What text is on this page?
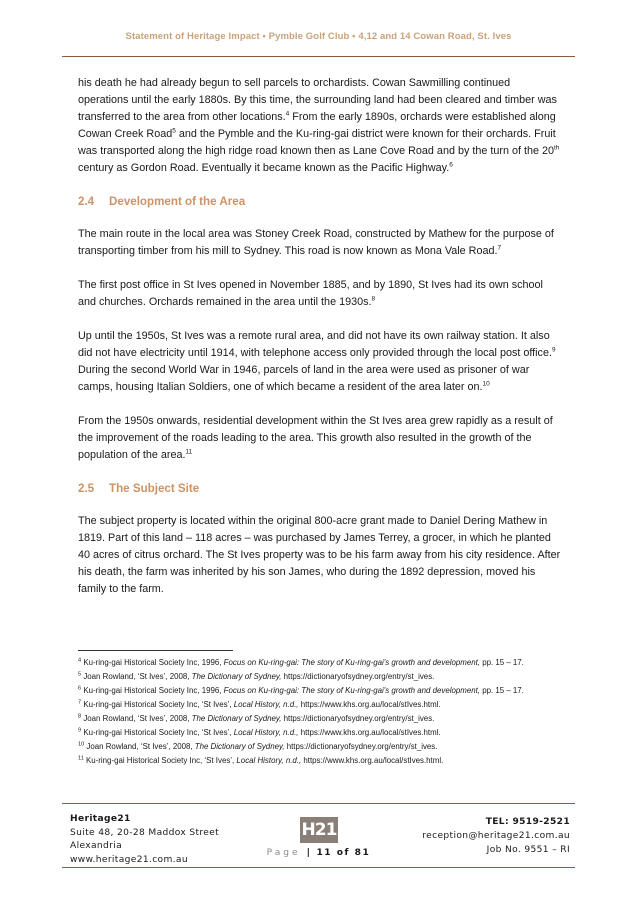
Statement of Heritage Impact • Pymble Golf Club • 4,12 and 14 Cowan Road, St. Ives

his death he had already begun to sell parcels to orchardists. Cowan Sawmilling continued operations until the early 1880s. By this time, the surrounding land had been cleared and timber was transferred to the area from other locations.$^4$ From the early 1890s, orchards were established along Cowan Creek Road$^5$ and the Pymble and the Ku-ring-gai district were known for their orchards. Fruit was transported along the high ridge road known then as Lane Cove Road and by the turn of the 20th century as Gordon Road. Eventually it became known as the Pacific Highway.$^6$

2.4 Development of the Area

The main route in the local area was Stoney Creek Road, constructed by Mathew for the purpose of transporting timber from his mill to Sydney. This road is now known as Mona Vale Road.$^7$

The first post office in St Ives opened in November 1885, and by 1890, St Ives had its own school and churches. Orchards remained in the area until the 1930s.$^8$

Up until the 1950s, St Ives was a remote rural area, and did not have its own railway station. It also did not have electricity until 1914, with telephone access only provided through the local post office.$^9$ During the second World War in 1946, parcels of land in the area were used as prisoner of war camps, housing Italian Soldiers, one of which became a resident of the area later on.$^{10}$

From the 1950s onwards, residential development within the St Ives area grew rapidly as a result of the improvement of the roads leading to the area. This growth also resulted in the growth of the population of the area.$^{11}$

2.5 The Subject Site

The subject property is located within the original 800-acre grant made to Daniel Dering Mathew in 1819. Part of this land – 118 acres – was purchased by James Terrey, a grocer, in which he planted 40 acres of citrus orchard. The St Ives property was to be his farm away from his city residence. After his death, the farm was inherited by his son James, who during the 1892 depression, moved his family to the farm.

$^4$ Ku-ring-gai Historical Society Inc, 1996, Focus on Ku-ring-gai: The story of Ku-ring-gai's growth and development, pp. 15 – 17.
$^5$ Joan Rowland, ‘St Ives’, 2008, The Dictionary of Sydney, https://dictionaryofsydney.org/entry/st_ives.
$^6$ Ku-ring-gai Historical Society Inc, 1996, Focus on Ku-ring-gai: The story of Ku-ring-gai's growth and development, pp. 15 – 17.
$^7$ Ku-ring-gai Historical Society Inc, ‘St Ives’, Local History, n.d., https://www.khs.org.au/local/stIves.html.
$^8$ Joan Rowland, ‘St Ives’, 2008, The Dictionary of Sydney, https://dictionaryofsydney.org/entry/st_ives.
$^9$ Ku-ring-gai Historical Society Inc, ‘St Ives’, Local History, n.d., https://www.khs.org.au/local/stIves.html.
$^{10}$ Joan Rowland, ‘St Ives’, 2008, The Dictionary of Sydney, https://dictionaryofsydney.org/entry/st_ives.
$^{11}$ Ku-ring-gai Historical Society Inc, ‘St Ives’, Local History, n.d., https://www.khs.org.au/local/stIves.html.
Heritage21
Suite 48, 20-28 Maddox Street
Alexandria
www.heritage21.com.au
H21
Page | 11 of 81
TEL: 9519-2521
reception@heritage21.com.au
Job No. 9551 – RI
